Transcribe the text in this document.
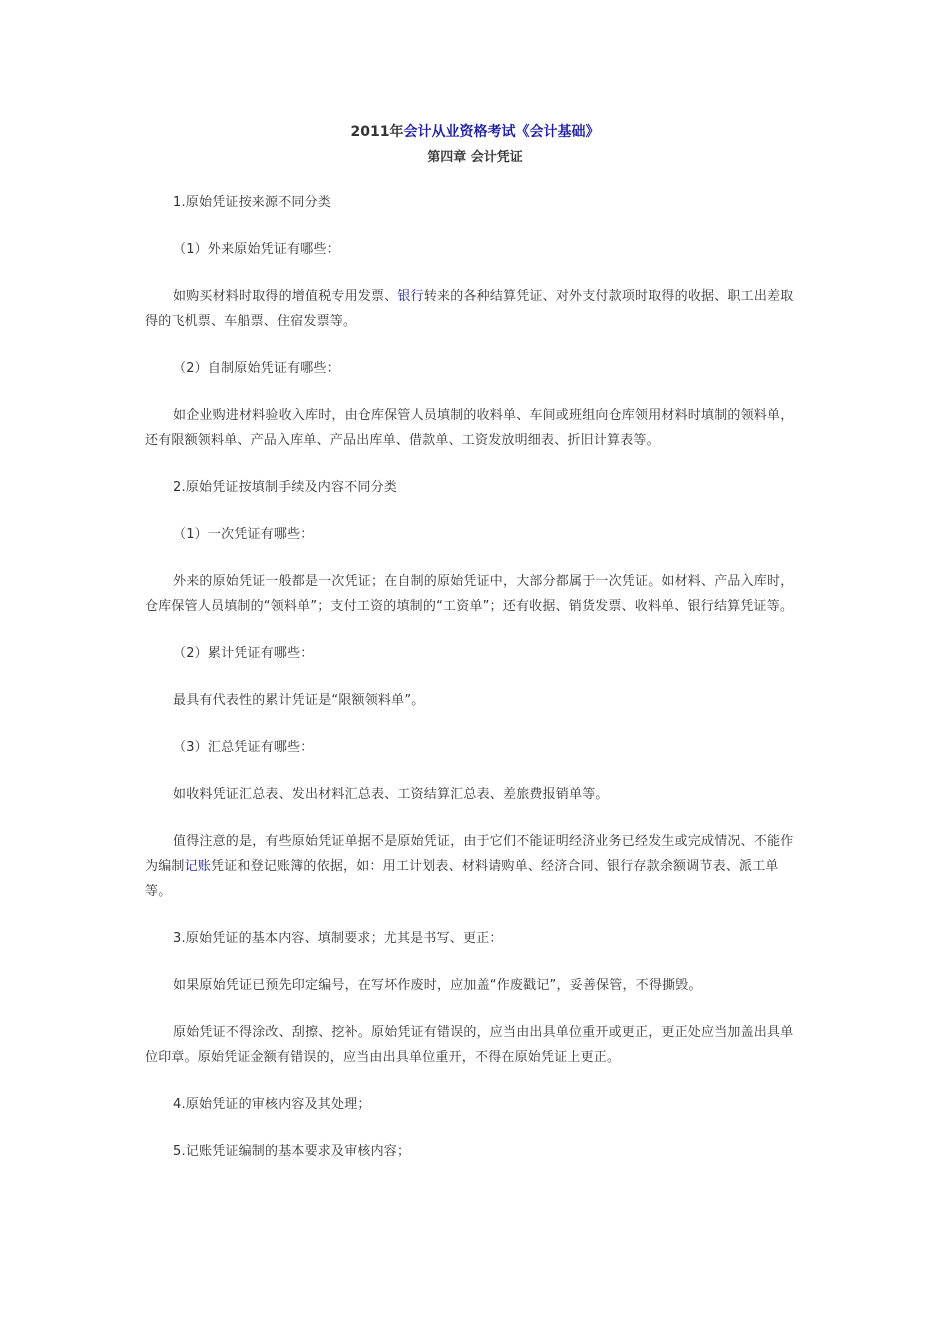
2011年会计从业资格考试《会计基础》
第四章 会计凭证

1.原始凭证按来源不同分类

（1）外来原始凭证有哪些：

如购买材料时取得的增值税专用发票、银行转来的各种结算凭证、对外支付款项时取得的收据、职工出差取得的飞机票、车船票、住宿发票等。

（2）自制原始凭证有哪些：

如企业购进材料验收入库时，由仓库保管人员填制的收料单、车间或班组向仓库领用材料时填制的领料单，还有限额领料单、产品入库单、产品出库单、借款单、工资发放明细表、折旧计算表等。

2.原始凭证按填制手续及内容不同分类

（1）一次凭证有哪些：

外来的原始凭证一般都是一次凭证；在自制的原始凭证中，大部分都属于一次凭证。如材料、产品入库时，仓库保管人员填制的“领料单”；支付工资的填制的“工资单”；还有收据、销货发票、收料单、银行结算凭证等。

（2）累计凭证有哪些：

最具有代表性的累计凭证是“限额领料单”。

（3）汇总凭证有哪些：

如收料凭证汇总表、发出材料汇总表、工资结算汇总表、差旅费报销单等。

值得注意的是，有些原始凭证单据不是原始凭证，由于它们不能证明经济业务已经发生或完成情况、不能作为编制记账凭证和登记账簿的依据，如：用工计划表、材料请购单、经济合同、银行存款余额调节表、派工单等。

3.原始凭证的基本内容、填制要求；尤其是书写、更正：

如果原始凭证已预先印定编号，在写坏作废时，应加盖“作废戳记”，妥善保管，不得撕毁。

原始凭证不得涂改、刮擦、挖补。原始凭证有错误的，应当由出具单位重开或更正，更正处应当加盖出具单位印章。原始凭证金额有错误的，应当由出具单位重开，不得在原始凭证上更正。

4.原始凭证的审核内容及其处理；

5.记账凭证编制的基本要求及审核内容；
